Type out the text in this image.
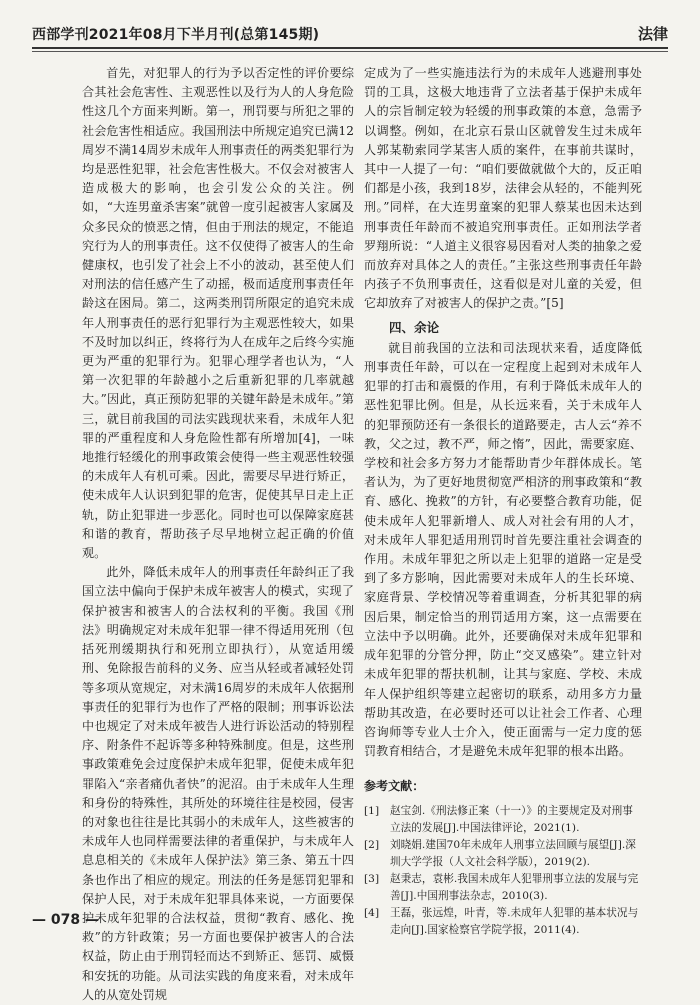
西部学刊2021年08月下半月刊(总第145期)	法律

首先，对犯罪人的行为予以否定性的评价要综合其社会危害性、主观恶性以及行为人的人身危险性这几个方面来判断。第一，刑罚要与所犯之罪的社会危害性相适应。我国刑法中所规定追究已满12周岁不满14周岁未成年人刑事责任的两类犯罪行为均是恶性犯罪，社会危害性极大。不仅会对被害人造成极大的影响，也会引发公众的关注。例如，“大连男童杀害案”就曾一度引起被害人家属及众多民众的愤恶之情，但由于刑法的规定，不能追究行为人的刑事责任。这不仅使得了被害人的生命健康权，也引发了社会上不小的波动，甚至使人们对刑法的信任感产生了动摇，极而适度刑事责任年龄这在困局。第二，这两类刑罚所限定的追究未成年人刑事责任的恶行犯罪行为主观恶性较大，如果不及时加以纠正，终将行为人在成年之后终今实施更为严重的犯罪行为。犯罪心理学者也认为，“人第一次犯罪的年龄越小之后重新犯罪的几率就越大。”因此，真正预防犯罪的关键年龄是未成年。”第三，就目前我国的司法实践现状来看，未成年人犯罪的严重程度和人身危险性都有所增加[4]，一味地推行轻缓化的刑事政策会使得一些主观恶性较强的未成年人有机可乘。因此，需要尽早进行矫正，使未成年人认识到犯罪的危害，促使其早日走上正轨，防止犯罪进一步恶化。同时也可以保障家庭甚和谐的教育，帮助孩子尽早地树立起正确的价值观。

此外，降低未成年人的刑事责任年龄纠正了我国立法中偏向于保护未成年被害人的模式，实现了保护被害和被害人的合法权利的平衡。我国《刑法》明确规定对未成年犯罪一律不得适用死刑（包括死刑缓期执行和死刑立即执行），从宽适用缓刑、免除报告前科的义务、应当从轻或者减轻处罚等多项从宽规定，对未满16周岁的未成年人依据刑事责任的犯罪行为也作了严格的限制；刑事诉讼法中也规定了对未成年被告人进行诉讼活动的特别程序、附条件不起诉等多种特殊制度。但是，这些刑事政策难免会过度保护未成年犯罪，促使未成年犯罪陷入“亲者痛仇者快”的泥沼。由于未成年人生理和身份的特殊性，其所处的环境往往是校园，侵害的对象也往往是比其弱小的未成年人，这些被害的未成年人也同样需要法律的者重保护，与未成年人息息相关的《未成年人保护法》第三条、第五十四条也作出了相应的规定。刑法的任务是惩罚犯罪和保护人民，对于未成年犯罪具体来说，一方面要保护未成年犯罪的合法权益，贯彻“教育、感化、挽救”的方针政策；另一方面也要保护被害人的合法权益，防止由于刑罚轻而达不到矫正、惩罚、威慑和安抚的功能。从司法实践的角度来看，对未成年人的从宽处罚规

定成为了一些实施违法行为的未成年人逃避刑事处罚的工具，这极大地违背了立法者基于保护未成年人的宗旨制定较为轻缓的刑事政策的本意，急需予以调整。例如，在北京石景山区就曾发生过未成年人郭某勒索同学某害人质的案件，在事前共谋时，其中一人提了一句：“咱们要做就做个大的，反正咱们都是小孩，我到18岁，法律会从轻的，不能判死刑。”同样，在大连男童案的犯罪人蔡某也因未达到刑事责任年龄而不被追究刑事责任。正如刑法学者罗翔所说：“人道主义很容易因看对人类的抽象之爱而放弃对具体之人的责任。”主张这些刑事责任年龄内孩子不负刑事责任，这看似是对儿童的关爱，但它却放弃了对被害人的保护之责。”[5]

四、余论

就目前我国的立法和司法现状来看，适度降低刑事责任年龄，可以在一定程度上起到对未成年人犯罪的打击和震慑的作用，有利于降低未成年人的恶性犯罪比例。但是，从长远来看，关于未成年人的犯罪预防还有一条很长的道路要走，古人云“养不教，父之过，教不严，师之惰”，因此，需要家庭、学校和社会多方努力才能帮助青少年群体成长。笔者认为，为了更好地贯彻宽严相济的刑事政策和“教育、感化、挽救”的方针，有必要整合教育功能，促使未成年人犯罪新增人、成人对社会有用的人才，对未成年人罪犯适用刑罚时首先要注重社会调查的作用。未成年罪犯之所以走上犯罪的道路一定是受到了多方影响，因此需要对未成年人的生长环境、家庭背景、学校情况等着重调查，分析其犯罪的病因后果，制定恰当的刑罚适用方案，这一点需要在立法中予以明确。此外，还要确保对未成年犯罪和成年犯罪的分管分押，防止“交叉感染”。建立针对未成年犯罪的帮扶机制，让其与家庭、学校、未成年人保护组织等建立起密切的联系，动用多方力量帮助其改造，在必要时还可以让社会工作者、心理咨询师等专业人士介入，使正面需与一定力度的惩罚教育相结合，才是避免未成年犯罪的根本出路。

参考文献：
[1] 赵宝剑.《刑法修正案（十一）》的主要规定及对刑事立法的发展[J].中国法律评论，2021(1).
[2] 刘晓娟.建国70年未成年人刑事立法回顾与展望[J].深圳大学学报（人文社会科学版），2019(2).
[3] 赵秉志，袁彬.我国未成年人犯罪刑事立法的发展与完善[J].中国刑事法杂志，2010(3).
[4] 王磊，张远煌，叶青，等.未成年人犯罪的基本状况与走向[J].国家检察官学院学报，2011(4).
— 078 —
